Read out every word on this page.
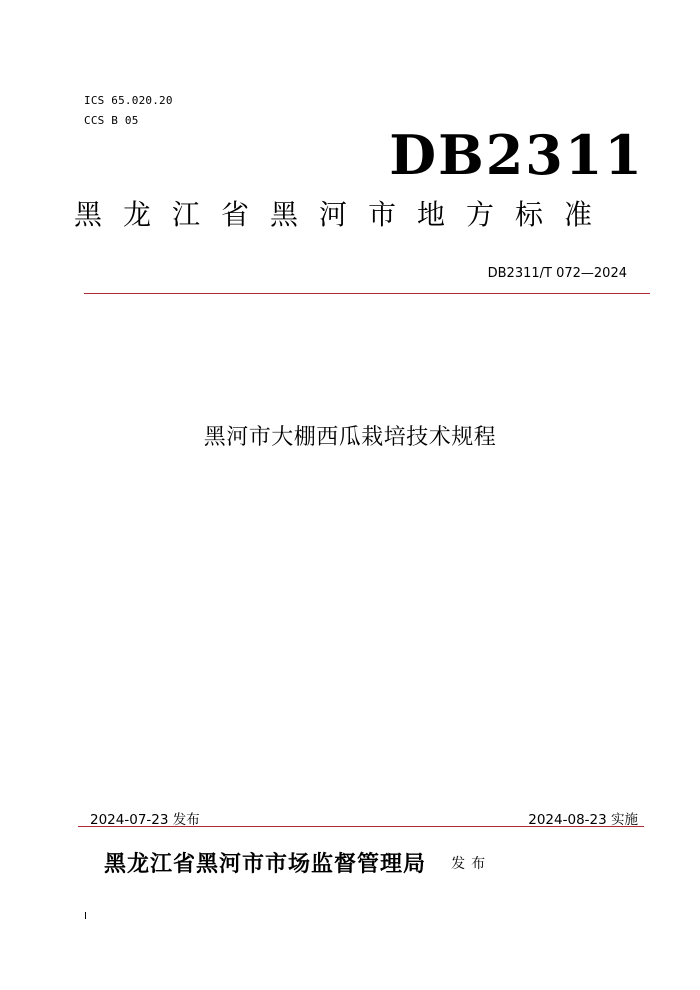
ICS 65.020.20
CCS B 05
DB2311
黑龙江省黑河市地方标准
DB2311/T 072—2024
黑河市大棚西瓜栽培技术规程
2024-07-23 发布	2024-08-23 实施
黑龙江省黑河市市场监督管理局 发布
